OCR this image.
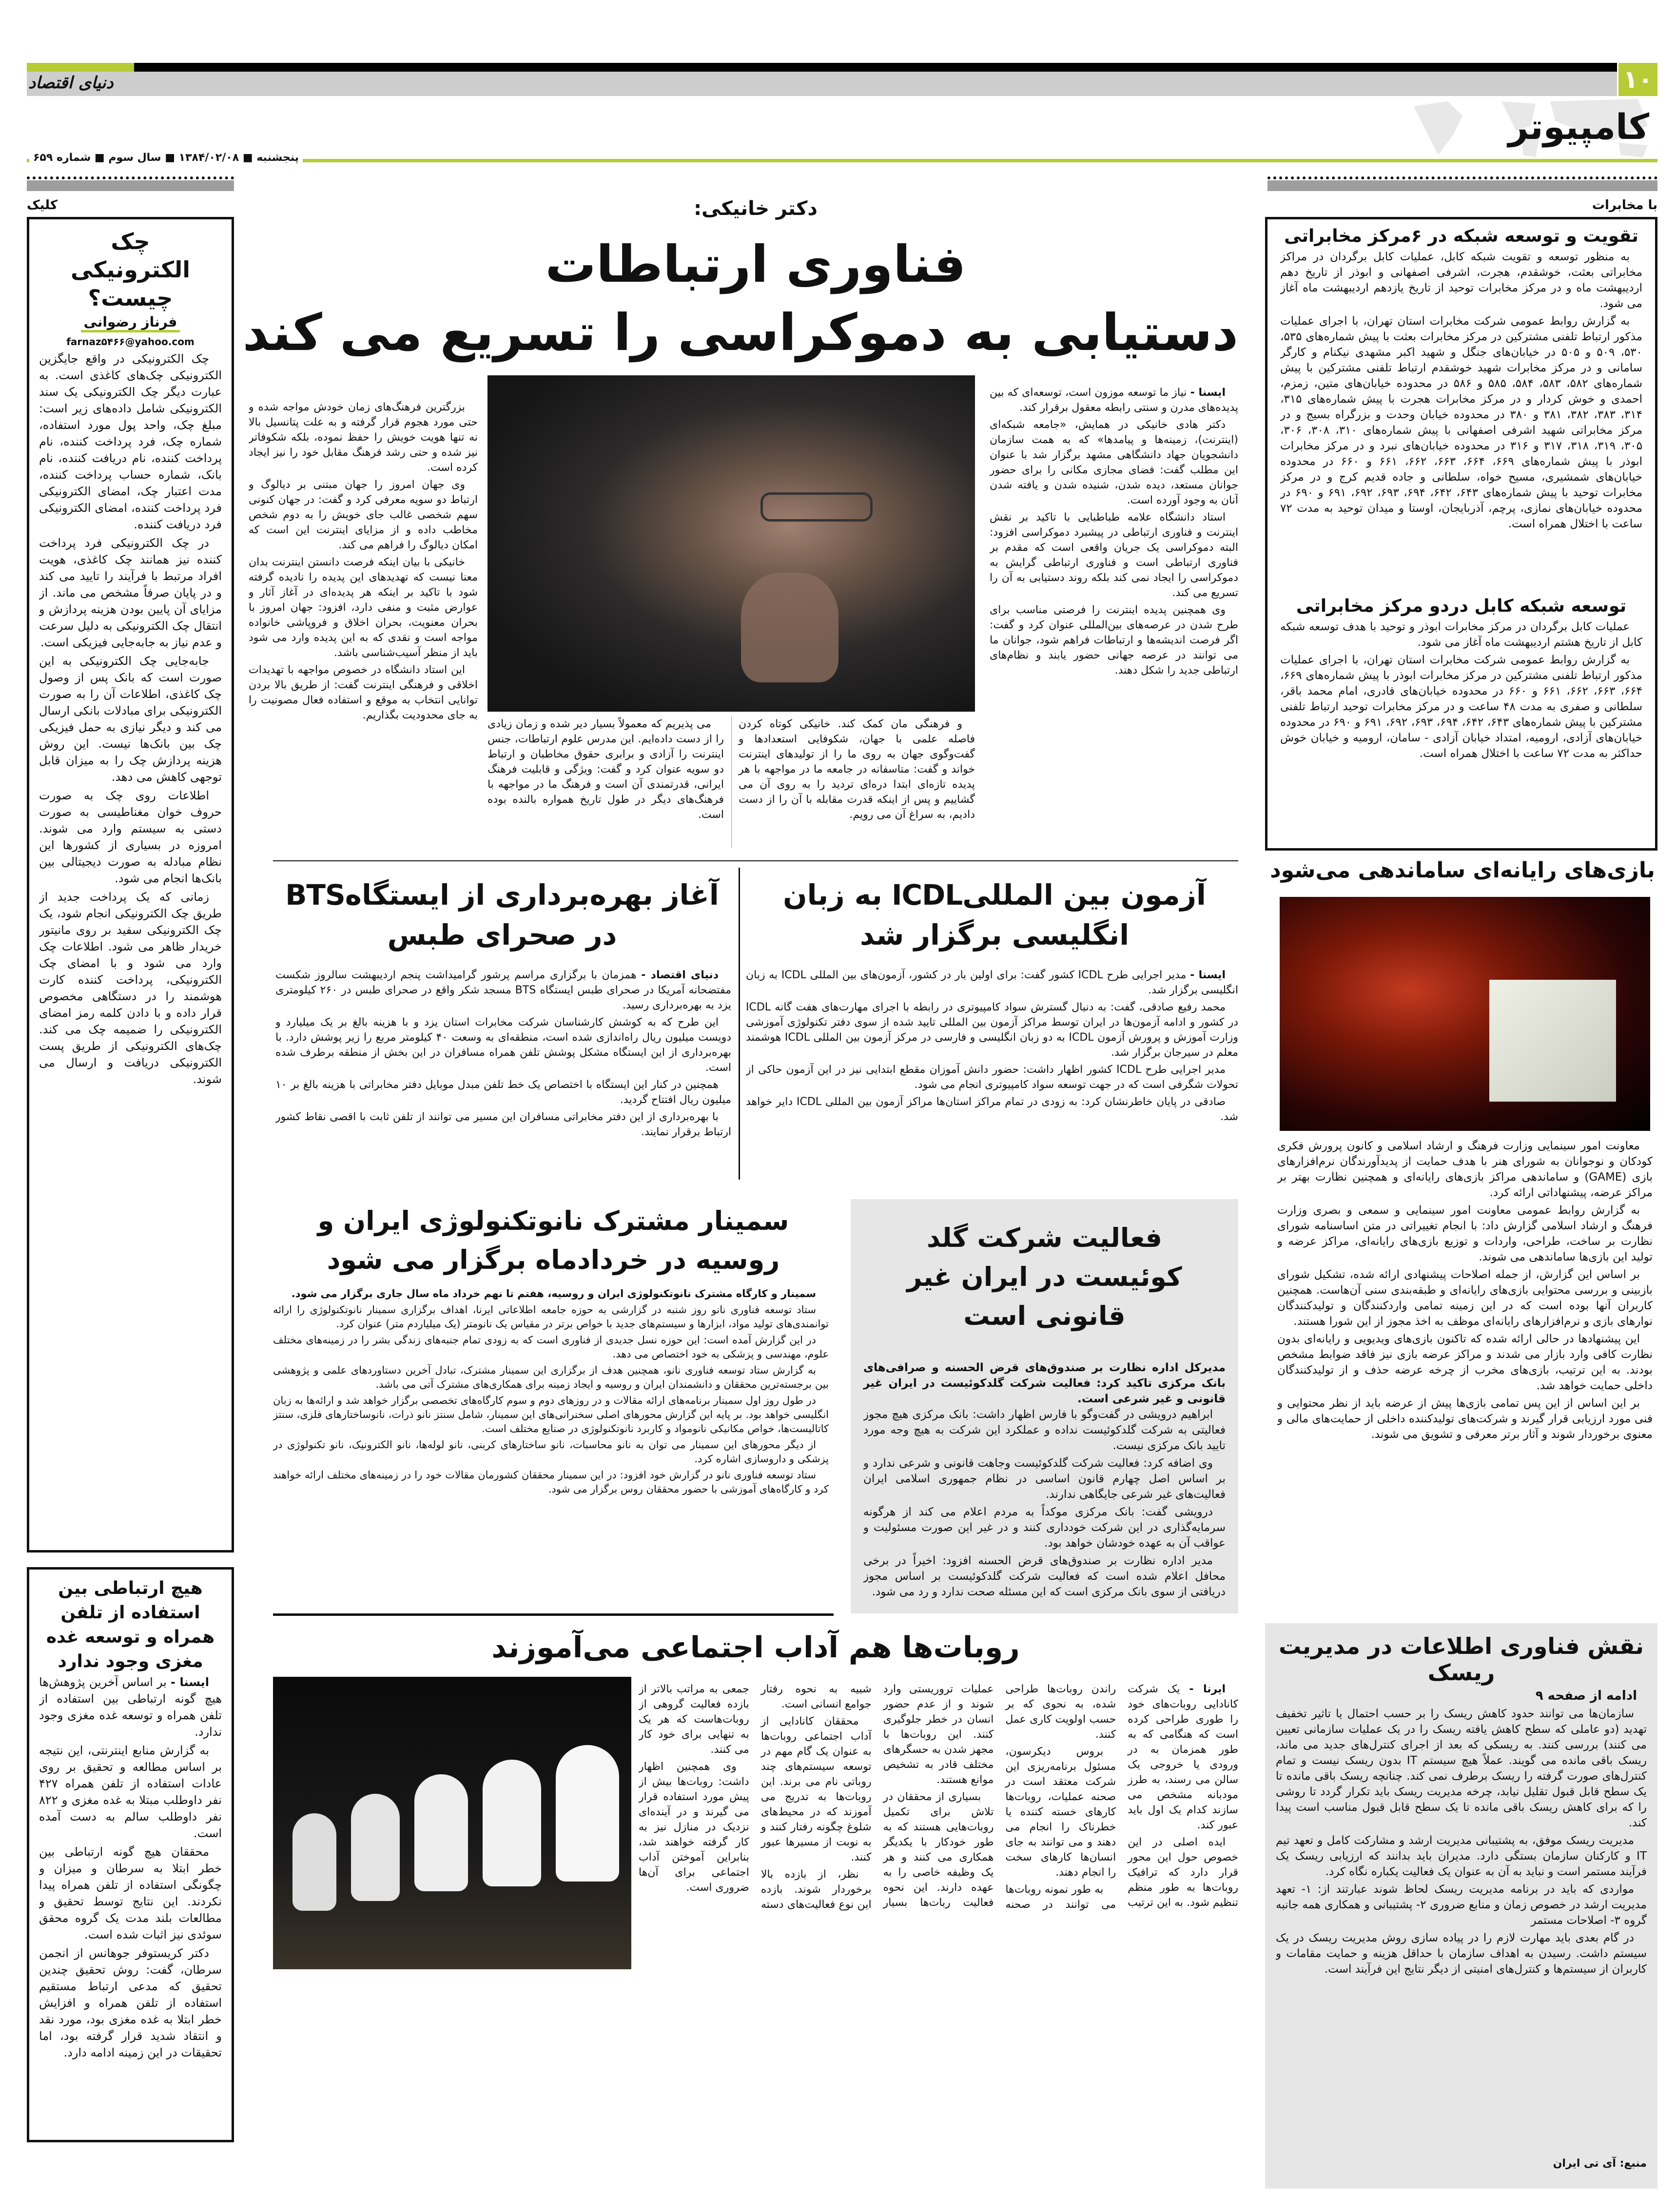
دنیای اقتصاد	۱۰
کامپیوتر
پنجشنبه ■ ۱۳۸۴/۰۲/۰۸ ■ سال سوم ■ شماره ۶۵۹
با مخابرات
کلیک	دکتر خانیکی:
فناوری ارتباطات
دستیابی به دموکراسی را تسریع می کند

ایسنا - نیاز ما توسعه موزون است، توسعه‌ای که بین پدیده‌های مدرن و سنتی رابطه معقول برقرار کند.

دکتر هادی خانیکی در همایش، «جامعه شبکه‌ای (اینترنت)، زمینه‌ها و پیامدها» که به همت سازمان دانشجویان جهاد دانشگاهی مشهد برگزار شد با عنوان این مطلب گفت: فضای مجازی مکانی را برای حضور جوانان مستعد، دیده شدن، شنیده شدن و یافته شدن آنان به وجود آورده است.

استاد دانشگاه علامه طباطبایی با تاکید بر نقش اینترنت و فناوری ارتباطی در پیشبرد دموکراسی افزود: البته دموکراسی یک جریان واقعی است که مقدم بر فناوری ارتباطی است و فناوری ارتباطی گرایش به دموکراسی را ایجاد نمی کند بلکه روند دستیابی به آن را تسریع می کند.

وی همچنین پدیده اینترنت را فرصتی مناسب برای طرح شدن در عرصه‌های بین‌المللی عنوان کرد و گفت: اگر فرصت اندیشه‌ها و ارتباطات فراهم شود، جوانان ما می توانند در عرصه جهانی حضور یابند و نظام‌های ارتباطی جدید را شکل دهند.

و فرهنگی مان کمک کند. خانیکی کوتاه کردن فاصله علمی با جهان، شکوفایی استعدادها و گفت‌وگوی جهان به روی ما را از تولیدهای اینترنت خواند و گفت: متاسفانه در جامعه ما در مواجهه با هر پدیده تازه‌ای ابتدا دره‌ای تردید را به روی آن می گشاییم و پس از اینکه قدرت مقابله با آن را از دست دادیم، به سراغ آن می رویم.

می پذیریم که معمولاً بسیار دیر شده و زمان زیادی را از دست داده‌ایم. این مدرس علوم ارتباطات، جنس اینترنت را آزادی و برابری حقوق مخاطبان و ارتباط دو سویه عنوان کرد و گفت: ویژگی و قابلیت فرهنگ ایرانی، قدرتمندی آن است و فرهنگ ما در مواجهه با فرهنگ‌های دیگر در طول تاریخ همواره بالنده بوده است.

بزرگترین فرهنگ‌های زمان خودش مواجه شده و حتی مورد هجوم قرار گرفته و به علت پتانسیل بالا نه تنها هویت خویش را حفظ نموده، بلکه شکوفاتر نیز شده و حتی رشد فرهنگ مقابل خود را نیز ایجاد کرده است.

وی جهان امروز را جهان مبتنی بر دیالوگ و ارتباط دو سویه معرفی کرد و گفت: در جهان کنونی سهم شخصی غالب جای خویش را به دوم شخص مخاطب داده و از مزایای اینترنت این است که امکان دیالوگ را فراهم می کند.

خانیکی با بیان اینکه فرصت دانستن اینترنت بدان معنا نیست که تهدیدهای این پدیده را نادیده گرفته شود با تاکید بر اینکه هر پدیده‌ای در آغاز آثار و عوارض مثبت و منفی دارد، افزود: جهان امروز با بحران معنویت، بحران اخلاق و فروپاشی خانواده مواجه است و نقدی که به این پدیده وارد می شود باید از منظر آسیب‌شناسی باشد.

این استاد دانشگاه در خصوص مواجهه با تهدیدات اخلاقی و فرهنگی اینترنت گفت: از طریق بالا بردن توانایی انتخاب به موقع و استفاده فعال مصونیت را به جای محدودیت بگذاریم.

تقویت و توسعه شبکه در ۶مرکز مخابراتی

به منظور توسعه و تقویت شبکه کابل، عملیات کابل برگردان در مراکز مخابراتی بعثت، خوشقدم، هجرت، اشرفی اصفهانی و ابوذر از تاریخ دهم اردیبهشت ماه و در مرکز مخابرات توحید از تاریخ یازدهم اردیبهشت ماه آغاز می شود.

به گزارش روابط عمومی شرکت مخابرات استان تهران، با اجرای عملیات مذکور ارتباط تلفنی مشترکین در مرکز مخابرات بعثت با پیش شماره‌های ۵۳۵، ۵۳۰، ۵۰۹ و ۵۰۵ در خیابان‌های جنگل و شهید اکبر مشهدی نیکنام و کارگر سامانی و در مرکز مخابرات شهید خوشقدم ارتباط تلفنی مشترکین با پیش شماره‌های ۵۸۲، ۵۸۳، ۵۸۴، ۵۸۵ و ۵۸۶ در محدوده خیابان‌های متین، زمزم، احمدی و خوش کردار و در مرکز مخابرات هجرت با پیش شماره‌های ۳۱۵، ۳۱۴، ۳۸۳، ۳۸۲، ۳۸۱ و ۳۸۰ در محدوده خیابان وحدت و بزرگراه بسیج و در مرکز مخابراتی شهید اشرفی اصفهانی با پیش شماره‌های ۳۱۰، ۳۰۸، ۳۰۶، ۳۰۵، ۳۱۹، ۳۱۸، ۳۱۷ و ۳۱۶ در محدوده خیابان‌های نبرد و در مرکز مخابرات ابوذر با پیش شماره‌های ۶۶۹، ۶۶۴، ۶۶۳، ۶۶۲، ۶۶۱ و ۶۶۰ در محدوده خیابان‌های شمشیری، مسیح خواه، سلطانی و جاده قدیم کرج و در مرکز مخابرات توحید با پیش شماره‌های ۶۴۳، ۶۴۲، ۶۹۴، ۶۹۳، ۶۹۲، ۶۹۱ و ۶۹۰ در محدوده خیابان‌های نمازی، پرچم، آذربایجان، اوستا و میدان توحید به مدت ۷۲ ساعت با اختلال همراه است.

توسعه شبکه کابل دردو مرکز مخابراتی

عملیات کابل برگردان در مرکز مخابرات ابوذر و توحید با هدف توسعه شبکه کابل از تاریخ هشتم اردیبهشت ماه آغاز می شود.

به گزارش روابط عمومی شرکت مخابرات استان تهران، با اجرای عملیات مذکور ارتباط تلفنی مشترکین در مرکز مخابرات ابوذر با پیش شماره‌های ۶۶۹، ۶۶۴، ۶۶۳، ۶۶۲، ۶۶۱ و ۶۶۰ در محدوده خیابان‌های قادری، امام محمد باقر، سلطانی و صفری به مدت ۴۸ ساعت و در مرکز مخابرات توحید ارتباط تلفنی مشترکین با پیش شماره‌های ۶۴۳، ۶۴۲، ۶۹۴، ۶۹۳، ۶۹۲، ۶۹۱ و ۶۹۰ در محدوده خیابان‌های آزادی، ارومیه، امتداد خیابان آزادی - سامان، ارومیه و خیابان خوش حداکثر به مدت ۷۲ ساعت با اختلال همراه است.

بازی‌های رایانه‌ای ساماندهی می‌شود

معاونت امور سینمایی وزارت فرهنگ و ارشاد اسلامی و کانون پرورش فکری کودکان و نوجوانان به شورای هنر با هدف حمایت از پدیدآورندگان نرم‌افزارهای بازی (GAME) و ساماندهی مراکز بازی‌های رایانه‌ای و همچنین نظارت بهتر بر مراکز عرضه، پیشنهاداتی ارائه کرد.

به گزارش روابط عمومی معاونت امور سینمایی و سمعی و بصری وزارت فرهنگ و ارشاد اسلامی گزارش داد: با انجام تغییراتی در متن اساسنامه شورای نظارت بر ساخت، طراحی، واردات و توزیع بازی‌های رایانه‌ای، مراکز عرضه و تولید این بازی‌ها ساماندهی می شوند.

بر اساس این گزارش، از جمله اصلاحات پیشنهادی ارائه شده، تشکیل شورای بازبینی و بررسی محتوایی بازی‌های رایانه‌ای و طبقه‌بندی سنی آن‌هاست. همچنین کاربران آنها بوده است که در این زمینه تمامی واردکنندگان و تولیدکنندگان نوارهای بازی و نرم‌افزارهای رایانه‌ای موظف به اخذ مجوز از این شورا هستند.

این پیشنهادها در حالی ارائه شده که تاکنون بازی‌های ویدیویی و رایانه‌ای بدون نظارت کافی وارد بازار می شدند و مراکز عرضه بازی نیز فاقد ضوابط مشخص بودند. به این ترتیب، بازی‌های مخرب از چرخه عرضه حذف و از تولیدکنندگان داخلی حمایت خواهد شد.

بر این اساس از این پس تمامی بازی‌ها پیش از عرضه باید از نظر محتوایی و فنی مورد ارزیابی قرار گیرند و شرکت‌های تولیدکننده داخلی از حمایت‌های مالی و معنوی برخوردار شوند و آثار برتر معرفی و تشویق می شوند.

نقش فناوری اطلاعات در مدیریت ریسک
ادامه از صفحه ۹

سازمان‌ها می توانند حدود کاهش ریسک را بر حسب احتمال یا تاثیر تخفیف تهدید (دو عاملی که سطح کاهش یافته ریسک را در یک عملیات سازمانی تعیین می کنند) بررسی کنند. به ریسکی که بعد از اجرای کنترل‌های جدید می ماند، ریسک باقی مانده می گویند. عملاً هیچ سیستم IT بدون ریسک نیست و تمام کنترل‌های صورت گرفته را ریسک برطرف نمی کند. چنانچه ریسک باقی مانده تا یک سطح قابل قبول تقلیل نیابد، چرخه مدیریت ریسک باید تکرار گردد تا روشی را که برای کاهش ریسک باقی مانده تا یک سطح قابل قبول مناسب است پیدا کند.

مدیریت ریسک موفق، به پشتیبانی مدیریت ارشد و مشارکت کامل و تعهد تیم IT و کارکنان سازمان بستگی دارد. مدیران باید بدانند که ارزیابی ریسک یک فرآیند مستمر است و نباید به آن به عنوان یک فعالیت یکباره نگاه کرد.

مواردی که باید در برنامه مدیریت ریسک لحاظ شوند عبارتند از: ۱- تعهد مدیریت ارشد در خصوص زمان و منابع ضروری ۲- پشتیبانی و همکاری همه جانبه گروه ۳- اصلاحات مستمر

در گام بعدی باید مهارت لازم را در پیاده سازی روش مدیریت ریسک در یک سیستم داشت. رسیدن به اهداف سازمان با حداقل هزینه و حمایت مقامات و کاربران از سیستم‌ها و کنترل‌های امنیتی از دیگر نتایج این فرآیند است.

منبع: آی تی ایران
آزمون بین المللیICDL به زبان انگلیسی برگزار شد

ایسنا - مدیر اجرایی طرح ICDL کشور گفت: برای اولین بار در کشور، آزمون‌های بین المللی ICDL به زبان انگلیسی برگزار شد.

محمد رفیع صادقی، گفت: به دنبال گسترش سواد کامپیوتری در رابطه با اجرای مهارت‌های هفت گانه ICDL در کشور و ادامه آزمون‌ها در ایران توسط مراکز آزمون بین المللی تایید شده از سوی دفتر تکنولوژی آموزشی وزارت آموزش و پرورش آزمون ICDL به دو زبان انگلیسی و فارسی در مرکز آزمون بین المللی ICDL هوشمند معلم در سیرجان برگزار شد.

مدیر اجرایی طرح ICDL کشور اظهار داشت: حضور دانش آموزان مقطع ابتدایی نیز در این آزمون حاکی از تحولات شگرفی است که در جهت توسعه سواد کامپیوتری انجام می شود.

صادقی در پایان خاطرنشان کرد: به زودی در تمام مراکز استان‌ها مراکز آزمون بین المللی ICDL دایر خواهد شد.

آغاز بهره‌برداری از ایستگاهBTS در صحرای طبس

دنیای اقتصاد - همزمان با برگزاری مراسم پرشور گرامیداشت پنجم اردیبهشت سالروز شکست مفتضحانه آمریکا در صحرای طبس ایستگاه BTS مسجد شکر واقع در صحرای طبس در ۲۶۰ کیلومتری یزد به بهره‌برداری رسید.

این طرح که به کوشش کارشناسان شرکت مخابرات استان یزد و با هزینه بالغ بر یک میلیارد و دویست میلیون ریال راه‌اندازی شده است، منطقه‌ای به وسعت ۴۰ کیلومتر مربع را زیر پوشش دارد. با بهره‌برداری از این ایستگاه مشکل پوشش تلفن همراه مسافران در این بخش از منطقه برطرف شده است.

همچنین در کنار این ایستگاه با اختصاص یک خط تلفن مبدل موبایل دفتر مخابراتی با هزینه بالغ بر ۱۰ میلیون ریال افتتاح گردید.

با بهره‌برداری از این دفتر مخابراتی مسافران این مسیر می توانند از تلفن ثابت با اقصی نقاط کشور ارتباط برقرار نمایند.

سمینار مشترک نانوتکنولوژی ایران و روسیه در خردادماه برگزار می شود

سمینار و کارگاه مشترک نانوتکنولوژی ایران و روسیه، هفتم تا نهم خرداد ماه سال جاری برگزار می شود.

ستاد توسعه فناوری نانو روز شنبه در گزارشی به حوزه جامعه اطلاعاتی ایرنا، اهداف برگزاری سمینار نانوتکنولوژی را ارائه توانمندی‌های تولید مواد، ابزارها و سیستم‌های جدید با خواص برتر در مقیاس یک نانومتر (یک میلیاردم متر) عنوان کرد.

در این گزارش آمده است: این حوزه نسل جدیدی از فناوری است که به زودی تمام جنبه‌های زندگی بشر را در زمینه‌های مختلف علوم، مهندسی و پزشکی به خود اختصاص می دهد.

به گزارش ستاد توسعه فناوری نانو، همچنین هدف از برگزاری این سمینار مشترک، تبادل آخرین دستاوردهای علمی و پژوهشی بین برجسته‌ترین محققان و دانشمندان ایران و روسیه و ایجاد زمینه برای همکاری‌های مشترک آتی می باشد.

در طول روز اول سمینار برنامه‌های ارائه مقالات و در روزهای دوم و سوم کارگاه‌های تخصصی برگزار خواهد شد و ارائه‌ها به زبان انگلیسی خواهد بود. بر پایه این گزارش محورهای اصلی سخنرانی‌های این سمینار، شامل سنتز نانو ذرات، نانوساختارهای فلزی، سنتز کاتالیست‌ها، خواص مکانیکی نانومواد و کاربرد نانوتکنولوژی در صنایع مختلف است.

از دیگر محورهای این سمینار می توان به نانو محاسبات، نانو ساختارهای کربنی، نانو لوله‌ها، نانو الکترونیک، نانو تکنولوژی در پزشکی و داروسازی اشاره کرد.

ستاد توسعه فناوری نانو در گزارش خود افزود: در این سمینار محققان کشورمان مقالات خود را در زمینه‌های مختلف ارائه خواهند کرد و کارگاه‌های آموزشی با حضور محققان روس برگزار می شود.

فعالیت شرکت گلد کوئیست در ایران غیر قانونی است
مدیرکل اداره نظارت بر صندوق‌های قرض الحسنه و صرافی‌های بانک مرکزی تاکید کرد: فعالیت شرکت گلدکوئیست در ایران غیر قانونی و غیر شرعی است.

ابراهیم درویشی در گفت‌وگو با فارس اظهار داشت: بانک مرکزی هیچ مجوز فعالیتی به شرکت گلدکوئیست نداده و عملکرد این شرکت به هیچ وجه مورد تایید بانک مرکزی نیست.

وی اضافه کرد: فعالیت شرکت گلدکوئیست وجاهت قانونی و شرعی ندارد و بر اساس اصل چهارم قانون اساسی در نظام جمهوری اسلامی ایران فعالیت‌های غیر شرعی جایگاهی ندارند.

درویشی گفت: بانک مرکزی موکداً به مردم اعلام می کند از هرگونه سرمایه‌گذاری در این شرکت خودداری کنند و در غیر این صورت مسئولیت و عواقب آن به عهده خودشان خواهد بود.

مدیر اداره نظارت بر صندوق‌های قرض الحسنه افزود: اخیراً در برخی محافل اعلام شده است که فعالیت شرکت گلدکوئیست بر اساس مجوز دریافتی از سوی بانک مرکزی است که این مسئله صحت ندارد و رد می شود.

روبات‌ها هم آداب اجتماعی می‌آموزند

ایرنا - یک شرکت کانادایی روبات‌های خود را طوری طراحی کرده است که هنگامی که به طور همزمان به در ورودی یا خروجی یک سالن می رسند، به طرز مودبانه مشخص می سازند کدام یک اول باید عبور کند.

ایده اصلی در این خصوص حول این محور قرار دارد که ترافیک روبات‌ها به طور منظم تنظیم شود. به این ترتیب راندن روبات‌ها طراحی شده، به نحوی که بر حسب اولویت کاری عمل کنند.

بروس دیکرسون، مسئول برنامه‌ریزی این شرکت معتقد است در صحنه عملیات، روبات‌ها کارهای خسته کننده یا خطرناک را انجام می دهند و می توانند به جای انسان‌ها کارهای سخت را انجام دهند.

به طور نمونه روبات‌ها می توانند در صحنه عملیات تروریستی وارد شوند و از عدم حضور انسان در خطر جلوگیری کنند. این روبات‌ها با مجهز شدن به حسگرهای مختلف قادر به تشخیص موانع هستند.

بسیاری از محققان در تلاش برای تکمیل روبات‌هایی هستند که به طور خودکار با یکدیگر همکاری می کنند و هر یک وظیفه خاصی را به عهده دارند. این نحوه فعالیت ربات‌ها بسیار شبیه به نحوه رفتار جوامع انسانی است.

محققان کانادایی از آداب اجتماعی روبات‌ها به عنوان یک گام مهم در توسعه سیستم‌های چند روباتی نام می برند. این روبات‌ها به تدریج می آموزند که در محیط‌های شلوغ چگونه رفتار کنند و به نوبت از مسیرها عبور کنند.

نظر، از بازده بالا برخوردار شوند. بازده این نوع فعالیت‌های دسته جمعی به مراتب بالاتر از بازده فعالیت گروهی از روبات‌هاست که هر یک به تنهایی برای خود کار می کنند.

وی همچنین اظهار داشت: روبات‌ها بیش از پیش مورد استفاده قرار می گیرند و در آینده‌ای نزدیک در منازل نیز به کار گرفته خواهند شد، بنابراین آموختن آداب اجتماعی برای آن‌ها ضروری است.

چک الکترونیکی چیست؟
فرناز رضوانی
farnaz۵۴۶۶@yahoo.com

چک الکترونیکی در واقع جایگزین الکترونیکی چک‌های کاغذی است. به عبارت دیگر چک الکترونیکی یک سند الکترونیکی شامل داده‌های زیر است: مبلغ چک، واحد پول مورد استفاده، شماره چک، فرد پرداخت کننده، نام پرداخت کننده، نام دریافت کننده، نام بانک، شماره حساب پرداخت کننده، مدت اعتبار چک، امضای الکترونیکی فرد پرداخت کننده، امضای الکترونیکی فرد دریافت کننده.

در چک الکترونیکی فرد پرداخت کننده نیز همانند چک کاغذی، هویت افراد مرتبط با فرآیند را تایید می کند و در پایان صرفاً مشخص می ماند. از مزایای آن پایین بودن هزینه پردازش و انتقال چک الکترونیکی به دلیل سرعت و عدم نیاز به جابه‌جایی فیزیکی است.

جابه‌جایی چک الکترونیکی به این صورت است که بانک پس از وصول چک کاغذی، اطلاعات آن را به صورت الکترونیکی برای مبادلات بانکی ارسال می کند و دیگر نیازی به حمل فیزیکی چک بین بانک‌ها نیست. این روش هزینه پردازش چک را به میزان قابل توجهی کاهش می دهد.

اطلاعات روی چک به صورت حروف خوان مغناطیسی به صورت دستی به سیستم وارد می شوند. امروزه در بسیاری از کشورها این نظام مبادله به صورت دیجیتالی بین بانک‌ها انجام می شود.

زمانی که یک پرداخت جدید از طریق چک الکترونیکی انجام شود، یک چک الکترونیکی سفید بر روی مانیتور خریدار ظاهر می شود. اطلاعات چک وارد می شود و با امضای چک الکترونیکی، پرداخت کننده کارت هوشمند را در دستگاهی مخصوص قرار داده و با دادن کلمه رمز امضای الکترونیکی را ضمیمه چک می کند. چک‌های الکترونیکی از طریق پست الکترونیکی دریافت و ارسال می شوند.

هیچ ارتباطی بین استفاده از تلفن همراه و توسعه غده مغزی وجود ندارد

ایسنا - بر اساس آخرین پژوهش‌ها هیچ گونه ارتباطی بین استفاده از تلفن همراه و توسعه غده مغزی وجود ندارد.

به گزارش منابع اینترنتی، این نتیجه بر اساس مطالعه و تحقیق بر روی عادات استفاده از تلفن همراه ۴۲۷ نفر داوطلب مبتلا به غده مغزی و ۸۲۲ نفر داوطلب سالم به دست آمده است.

محققان هیچ گونه ارتباطی بین خطر ابتلا به سرطان و میزان و چگونگی استفاده از تلفن همراه پیدا نکردند. این نتایج توسط تحقیق و مطالعات بلند مدت یک گروه محقق سوئدی نیز اثبات شده است.

دکتر کریستوفر جوهانس از انجمن سرطان، گفت: روش تحقیق چندین تحقیق که مدعی ارتباط مستقیم استفاده از تلفن همراه و افزایش خطر ابتلا به غده مغزی بود، مورد نقد و انتقاد شدید قرار گرفته بود، اما تحقیقات در این زمینه ادامه دارد.
